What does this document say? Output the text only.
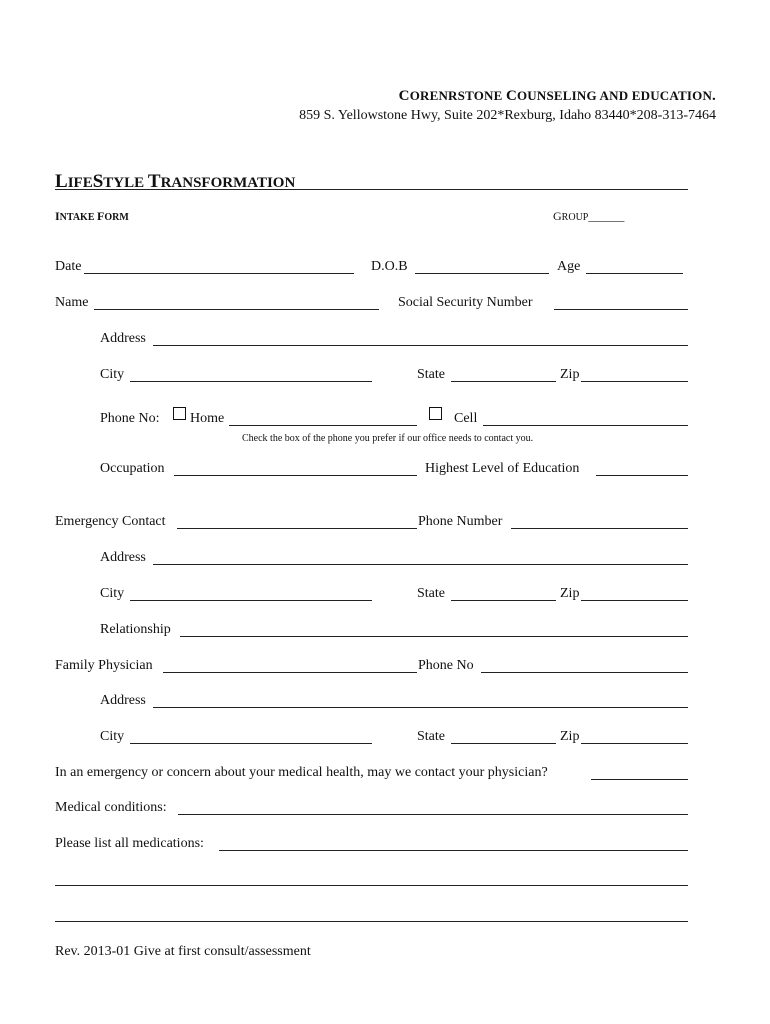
CORENRSTONE COUNSELING AND EDUCATION.
859 S. Yellowstone Hwy, Suite 202*Rexburg, Idaho 83440*208-313-7464
LIFESTYLE TRANSFORMATION
INTAKE FORM	GROUP______
Date	D.O.B	Age
Name	Social Security Number
Address
City	State	Zip
Phone No: Home	Cell
Check the box of the phone you prefer if our office needs to contact you.
Occupation	Highest Level of Education
Emergency Contact	Phone Number
Address
City	State	Zip
Relationship
Family Physician	Phone No
Address
City	State	Zip
In an emergency or concern about your medical health, may we contact your physician?
Medical conditions:
Please list all medications:
Rev. 2013-01 Give at first consult/assessment
